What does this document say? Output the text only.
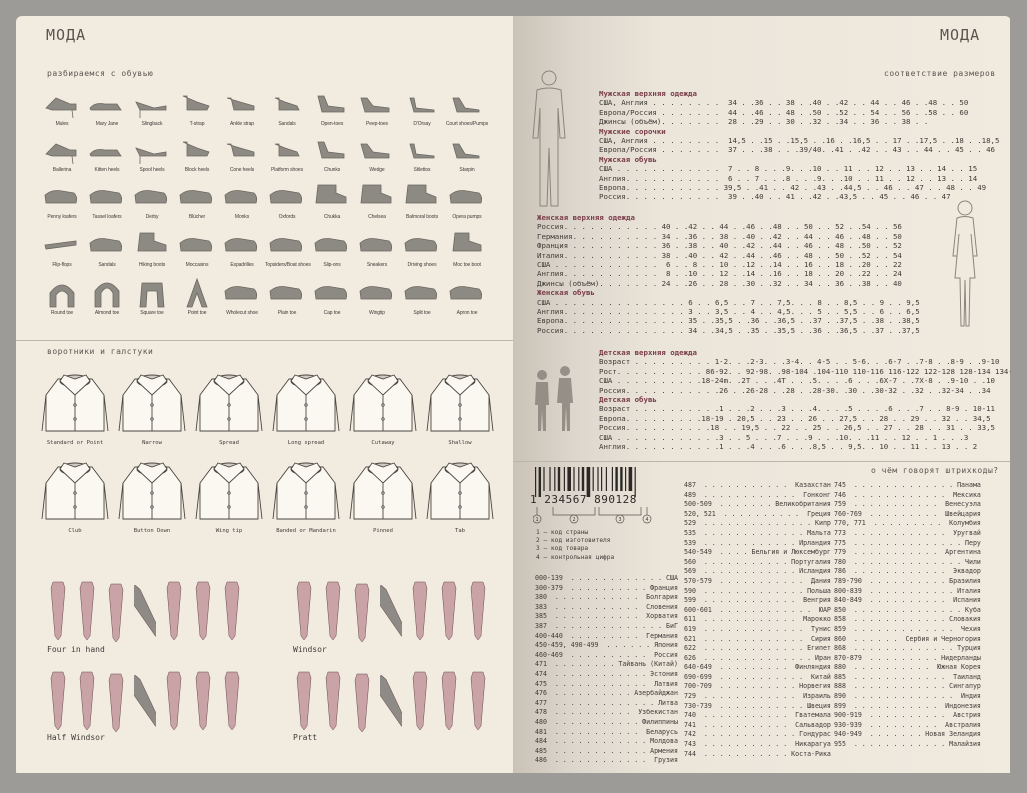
МОДА
разбираемся с обувью
Mules	Mary Jane	Slingback	T-strap	Ankle strap	Sandals	Open-toes	Peep-toes	D'Orsay	Court shoes/Pumps
Ballerina	Kitten heels	Spool heels	Block heels	Cone heels	Platform shoes	Chunks	Wedge	Stilettos	Starpin
Penny loafers	Tassel loafers	Derby	Blücher	Monks	Oxfords	Chukka	Chelsea	Balmoral boots	Opera pumps
Flip-flops	Sandals	Hiking boots	Moccasins	Espadrilles	Topsiders/Boat shoes	Slip-ons	Sneakers	Driving shoes	Moc toe boot
Round toe	Almond toe	Square toe	Point toe	Wholecut shoe	Plain toe	Cap toe	Wingtip	Split toe	Apron toe
воротники и галстуки
Standard or Point	Narrow	Spread	Long spread	Cutaway	Shallow
Club	Button Down	Wing tip	Banded or Mandarin	Pinned	Tab
Four in hand	Windsor
Half Windsor	Pratt
МОДА
соответствие размеров
Мужская верхняя одежда
США, Англия . . . . . . . .  34 . .36 . . 38 . .40 . .42 . . 44 . . 46 . .48 . . 50
Европа/Россия . . . . . . .  44 . .46 . . 48 . .50 . .52 . . 54 . . 56 . .58 . . 60
Джинсы (объём). . . . . . .  28 . .29 . . 30 . .32 . .34 . . 36 . . 38 . .
Мужские сорочки
США, Англия . . . . . . . .  14,5 . .15 . .15,5 . .16 . .16,5 . . 17 . .17,5 . .18 . .18,5
Европа/Россия . . . . . . .  37 . . .38 . . .39/40. .41 . .42 . . 43 . . 44 . . 45 . . 46
Мужская обувь
США . . . . . . . . . . . .  7 . . 8 . . .9. . .10 . . 11 . . 12 . . 13 . . 14 . . 15
Англия. . . . . . . . . . .  6 . . 7 . . .8 . . .9. . .10 . . 11 . . 12 . . 13 . . 14
Европа. . . . . . . . . . . 39,5 . .41 . . 42 . .43 . .44,5 . . 46 . . 47 . . 48 . . 49
Россия. . . . . . . . . . .  39 . .40 . . 41 . .42 . .43,5 . . 45 . . 46 . . 47
Женская верхняя одежда
Россия. . . . . . . . . . . 40 . .42 . . 44 . .46 . .48 . . 50 . . 52 . .54 . . 56
Германия. . . . . . . . . . 34 . .36 . . 38 . .40 . .42 . . 44 . . 46 . .48 . . 50
Франция . . . . . . . . . . 36 . .38 . . 40 . .42 . .44 . . 46 . . 48 . .50 . . 52
Италия. . . . . . . . . . . 38 . .40 . . 42 . .44 . .46 . . 48 . . 50 . .52 . . 54
США . . . . . . . . . . . .  6 . . 8 . . 10 . .12 . .14 . . 16 . . 18 . .20 . . 22
Англия. . . . . . . . . . .  8 . .10 . . 12 . .14 . .16 . . 18 . . 20 . .22 . . 24
Джинсы (объём). . . . . . . 24 . .26 . . 28 . .30 . .32 . . 34 . . 36 . .38 . . 40
Женская обувь
США . . . . . . . . . . . . . . . 6 . . 6,5 . . 7 . . 7,5. . . 8 . . 8,5 . . 9 . . 9,5
Англия. . . . . . . . . . . . . . 3 . . 3,5 . . 4 . . 4,5. . . 5 . . 5,5 . . 6 . . 6,5
Европа. . . . . . . . . . . . . . 35 . .35,5 . .36 . .36,5 . .37 . .37,5 . .38 . .38,5
Россия. . . . . . . . . . . . . . 34 . .34,5 . .35 . .35,5 . .36 . .36,5 . .37 . .37,5
Детская верхняя одежда
Возраст . . . . . . . . . 1-2. . .2-3. . .3-4. . 4-5 . . 5-6. . .6-7 . .7-8 . .8-9 . .9-10
Рост. . . . . . . . . . 86-92. . 92-98. .98-104 .104-110 110-116 116-122 122-128 128-134 134-140
США . . . . . . . . . .18-24m. .2T . . .4T . . .5. . . .6 . . .6X-7 . .7X-8 . .9-10 . .10
Россия. . . . . . . . . . .26 . .26-28 . .28 . .28-30. .30 . .30-32 . .32 . .32-34 . .34
Детская обувь
Возраст . . . . . . . . . .1 . . .2 . . .3 . . .4. . . .5 . . . .6 . . .7 . . 8-9 . 10-11
Европа. . . . . . . . .18-19 . 20,5 . . 23 . . 26 . . 27,5 . . 28 . . 29 . . 32 . . 34,5
Россия. . . . . . . . . .18 . . 19,5 . . 22 . . 25 . . 26,5 . . 27 . . 28 . . 31 . . 33,5
США . . . . . . . . . . . .3 . . 5 . . .7 . . .9 . . .10. . .11 . . 12 . . 1 . . .3
Англия. . . . . . . . . . .1 . . .4 . . .6 . . .8,5 . . 9,5. . 10 . . 11 . . 13 . . 2
о чём говорят штрихкоды?
1 234567 890128
1	2	3	4
1 – код страны
2 – код изготовителя
3 – код товара
4 – контрольная цифра
000-139  . . . . . . . . . . . . США
300-379  . . . . . . . . . . Франция
380  . . . . . . . . . . .  Болгария
383  . . . . . . . . . . .  Словения
385  . . . . . . . . . . .  Хорватия
387  . . . . . . . . . . . . . . БиГ
400-440  . . . . . . . . .  Германия
450-459, 490-499  . . . . . . Япония
460-469  . . . . . . . . . .  Россия
471  . . . . . . . . Тайвань (Китай)
474  . . . . . . . . . . . . Эстония
475  . . . . . . . . . . . .  Латвия
476  . . . . . . . . . . Азербайджан
477  . . . . . . . . . . . . . Литва
478  . . . . . . . . . .  Узбекистан
480  . . . . . . . . . . . Филиппины
481  . . . . . . . . . . .  Беларусь
484  . . . . . . . . . . . . Молдова
485  . . . . . . . . . . . . Армения
486  . . . . . . . . . . . .  Грузия
487  . . . . . . . . . . .  Казахстан
489  . . . . . . . . . . . .  Гонконг
500-509  . . . . . . . Великобритания
520, 521  . . . . . . . . . .  Греция
529  . . . . . . . . . . . . . . Кипр
535  . . . . . . . . . . . . . Мальта
539  . . . . . . . . . . . . Ирландия
540-549  . . . . Бельгия и Люксембург
560  . . . . . . . . . . . Португалия
569  . . . . . . . . . . . . Исландия
570-579  . . . . . . . . . . .  Дания
590  . . . . . . . . . . . . . Польша
599  . . . . . . . . . . . .  Венгрия
600-601  . . . . . . . . . . . .  ЮАР
611  . . . . . . . . . . . .  Марокко
619  . . . . . . . . . . . . .  Тунис
621  . . . . . . . . . . . . .  Сирия
622  . . . . . . . . . . . . . Египет
626  . . . . . . . . . . . . . . Иран
640-649  . . . . . . . . .  Финляндия
690-699  . . . . . . . . . . .  Китай
700-709  . . . . . . . . . . Норвегия
729  . . . . . . . . . . . .  Израиль
730-739  . . . . . . . . . . . Швеция
740  . . . . . . . . . . .  Гватемала
741  . . . . . . . . . . .  Сальвадор
742  . . . . . . . . . . . . Гондурас
743  . . . . . . . . . . .  Никарагуа
744  . . . . . . . . . . . Коста-Рика
745  . . . . . . . . . . . . . Панама
746  . . . . . . . . . . . .  Мексика
759  . . . . . . . . . . .  Венесуэла
760-769  . . . . . . . . .  Швейцария
770, 771  . . . . . . . . .  Колумбия
773  . . . . . . . . . . . .  Уругвай
775  . . . . . . . . . . . . . . Перу
779  . . . . . . . . . . .  Аргентина
780  . . . . . . . . . . . . . . Чили
786  . . . . . . . . . . . .  Эквадор
789-790  . . . . . . . . . . Бразилия
800-839  . . . . . . . . . . . Италия
840-849  . . . . . . . . . .  Испания
850  . . . . . . . . . . . . . . Куба
858  . . . . . . . . . . . . Словакия
859  . . . . . . . . . . . . .  Чехия
860  . . . . . .  Сербия и Черногория
868  . . . . . . . . . . . . . Турция
870-879  . . . . . . . . . Нидерланды
880  . . . . . . . . . .  Южная Корея
885  . . . . . . . . . . . .  Таиланд
888  . . . . . . . . . . . . Сингапур
890  . . . . . . . . . . . . .  Индия
899  . . . . . . . . . . .  Индонезия
900-919  . . . . . . . . . .  Австрия
930-939  . . . . . . . . .  Австралия
940-949  . . . . . . . Новая Зеландия
955  . . . . . . . . . . . . Малайзия
